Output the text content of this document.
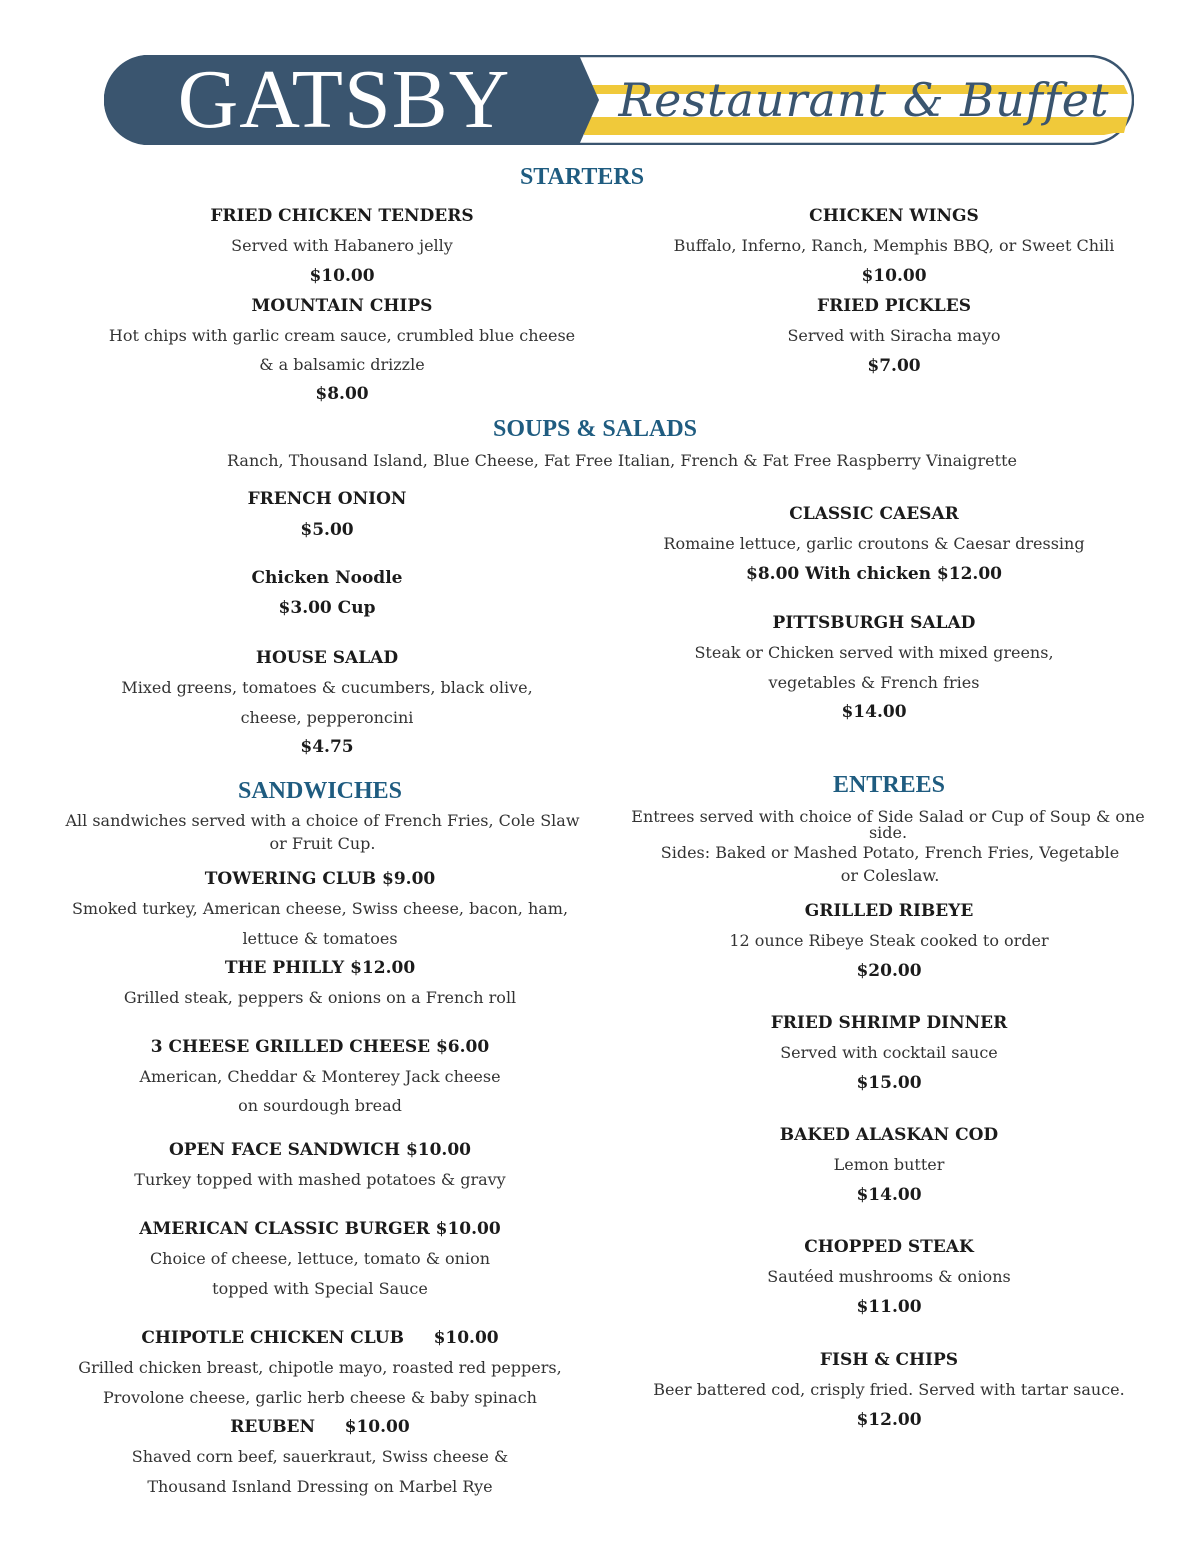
GATSBY	Restaurant & Buffet
STARTERS
FRIED CHICKEN TENDERS
Served with Habanero jelly
$10.00
CHICKEN WINGS
Buffalo, Inferno, Ranch, Memphis BBQ, or Sweet Chili
$10.00
MOUNTAIN CHIPS
Hot chips with garlic cream sauce, crumbled blue cheese
& a balsamic drizzle
$8.00
FRIED PICKLES
Served with Siracha mayo
$7.00
SOUPS & SALADS
Ranch, Thousand Island, Blue Cheese, Fat Free Italian, French & Fat Free Raspberry Vinaigrette
FRENCH ONION
$5.00
Chicken Noodle
$3.00 Cup
HOUSE SALAD
Mixed greens, tomatoes & cucumbers, black olive,
cheese, pepperoncini
$4.75
CLASSIC CAESAR
Romaine lettuce, garlic croutons & Caesar dressing
$8.00 With chicken $12.00
PITTSBURGH SALAD
Steak or Chicken served with mixed greens,
vegetables & French fries
$14.00
SANDWICHES
All sandwiches served with a choice of French Fries, Cole Slaw or Fruit Cup.
TOWERING CLUB $9.00
Smoked turkey, American cheese, Swiss cheese, bacon, ham,
lettuce & tomatoes
THE PHILLY $12.00
Grilled steak, peppers & onions on a French roll
3 CHEESE GRILLED CHEESE $6.00
American, Cheddar & Monterey Jack cheese
on sourdough bread
OPEN FACE SANDWICH $10.00
Turkey topped with mashed potatoes & gravy
AMERICAN CLASSIC BURGER $10.00
Choice of cheese, lettuce, tomato & onion
topped with Special Sauce
CHIPOTLE CHICKEN CLUB     $10.00
Grilled chicken breast, chipotle mayo, roasted red peppers,
Provolone cheese, garlic herb cheese & baby spinach
REUBEN     $10.00
Shaved corn beef, sauerkraut, Swiss cheese &
Thousand Isnland Dressing on Marbel Rye
ENTREES
Entrees served with choice of Side Salad or Cup of Soup & one side.
Sides: Baked or Mashed Potato, French Fries, Vegetable or Coleslaw.
GRILLED RIBEYE
12 ounce Ribeye Steak cooked to order
$20.00
FRIED SHRIMP DINNER
Served with cocktail sauce
$15.00
BAKED ALASKAN COD
Lemon butter
$14.00
CHOPPED STEAK
Sautéed mushrooms & onions
$11.00
FISH & CHIPS
Beer battered cod, crisply fried. Served with tartar sauce.
$12.00
